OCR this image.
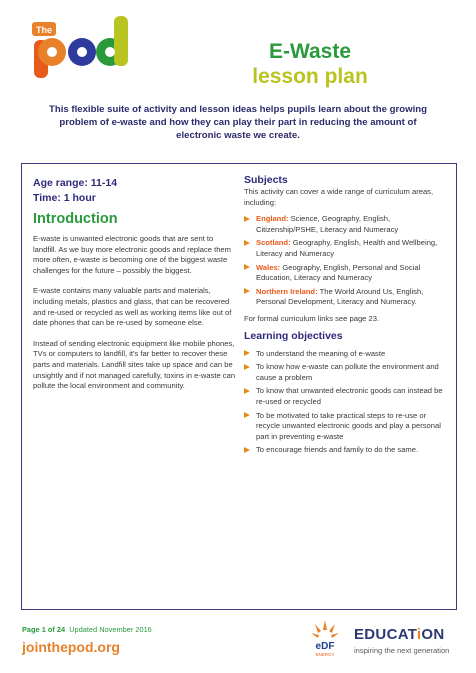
The
E-Waste
lesson plan
This flexible suite of activity and lesson ideas helps pupils learn about the growing problem of e-waste and how they can play their part in reducing the amount of electronic waste we create.
Age range: 11-14
Time: 1 hour
Introduction

E-waste is unwanted electronic goods that are sent to landfill. As we buy more electronic goods and replace them more often, e-waste is becoming one of the biggest waste challenges for the future – possibly the biggest.

E-waste contains many valuable parts and materials, including metals, plastics and glass, that can be recovered and re-used or recycled as well as working items like out of date phones that can be re-used by someone else.

Instead of sending electronic equipment like mobile phones, TVs or computers to landfill, it's far better to recover these parts and materials. Landfill sites take up space and can be unsightly and if not managed carefully, toxins in e-waste can pollute the local environment and community.

Subjects

This activity can cover a wide range of curriculum areas, including:

England: Science, Geography, English, Citizenship/PSHE, Literacy and Numeracy
Scotland: Geography, English, Health and Wellbeing, Literacy and Numeracy
Wales: Geography, English, Personal and Social Education, Literacy and Numeracy
Northern Ireland: The World Around Us, English, Personal Development, Literacy and Numeracy.

For formal curriculum links see page 23.

Learning objectives
To understand the meaning of e-waste
To know how e-waste can pollute the environment and cause a problem
To know that unwanted electronic goods can instead be re-used or recycled
To be motivated to take practical steps to re-use or recycle unwanted electronic goods and play a personal part in preventing e-waste
To encourage friends and family to do the same.
Page 1 of 24 Updated November 2016
jointhepod.org	eDF
ENERGY
EDUCATiON
inspiring the next generation
